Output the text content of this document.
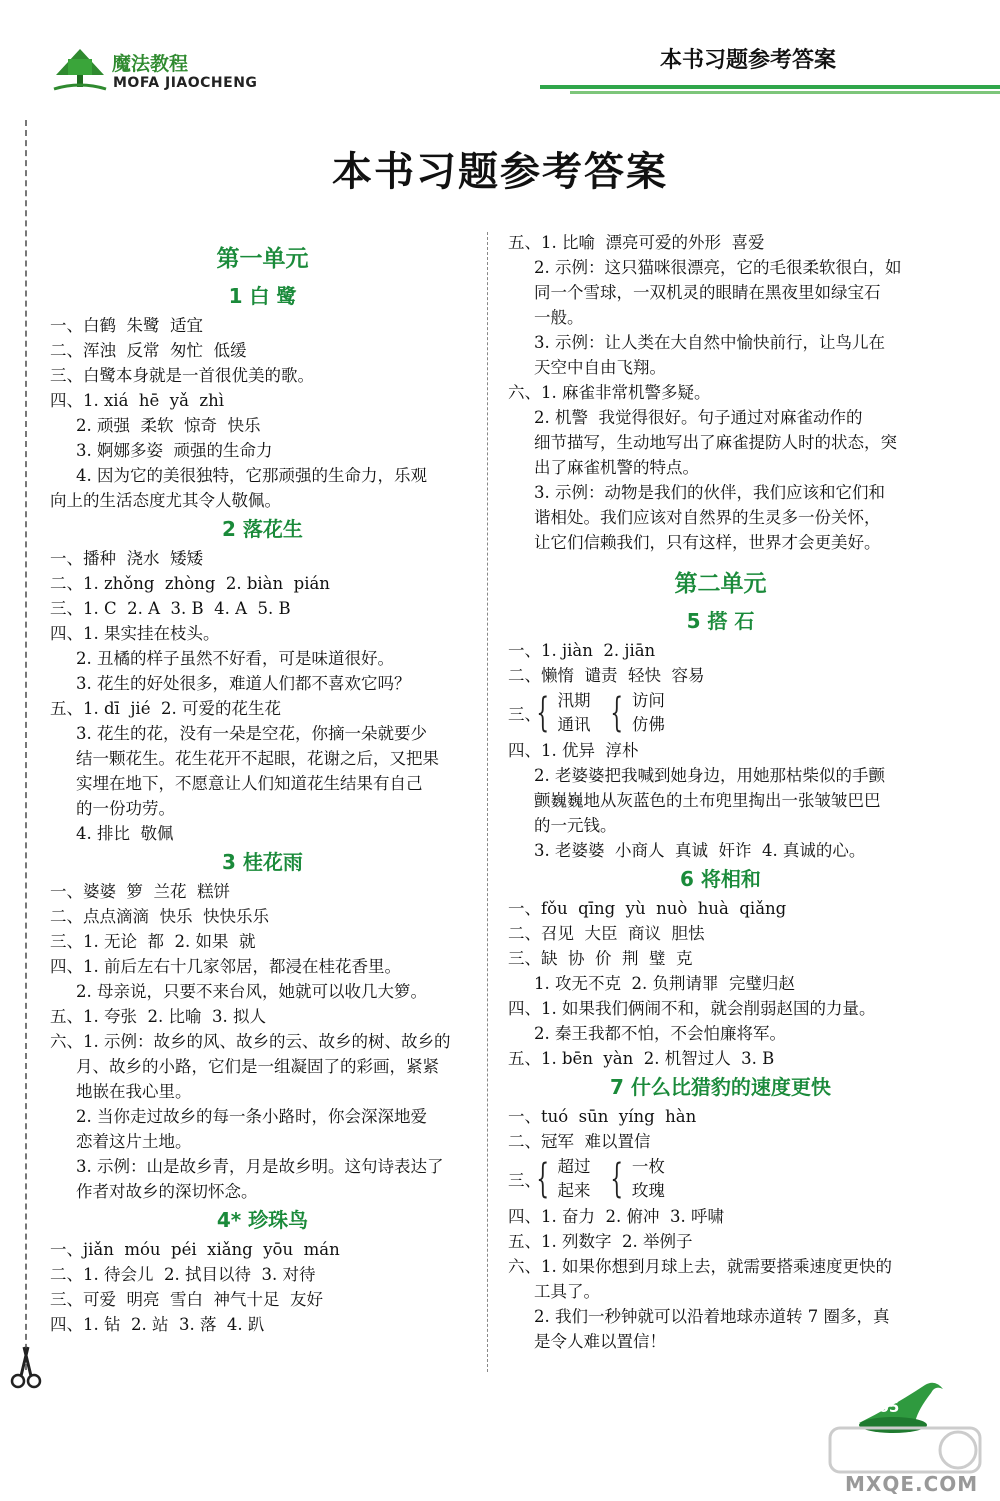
魔法教程
MOFA JIAOCHENG
本书习题参考答案
本书习题参考答案
第一单元
1 白 鹭
一、白鹤  朱鹭  适宜
二、浑浊  反常  匆忙  低缓
三、白鹭本身就是一首很优美的歌。
四、1. xiá  hē  yǎ  zhì
2. 顽强  柔软  惊奇  快乐
3. 婀娜多姿  顽强的生命力
4. 因为它的美很独特，它那顽强的生命力，乐观
向上的生活态度尤其令人敬佩。
2 落花生
一、播种  浇水  矮矮
二、1. zhǒng  zhòng  2. biàn  pián
三、1. C  2. A  3. B  4. A  5. B
四、1. 果实挂在枝头。
2. 丑橘的样子虽然不好看，可是味道很好。
3. 花生的好处很多，难道人们都不喜欢它吗？
五、1. dī  jié  2. 可爱的花生花
3. 花生的花，没有一朵是空花，你摘一朵就要少
结一颗花生。花生花开不起眼，花谢之后，又把果
实埋在地下，不愿意让人们知道花生结果有自己
的一份功劳。
4. 排比  敬佩
3 桂花雨
一、婆婆  箩  兰花  糕饼
二、点点滴滴  快乐  快快乐乐
三、1. 无论  都  2. 如果  就
四、1. 前后左右十几家邻居，都浸在桂花香里。
2. 母亲说，只要不来台风，她就可以收几大箩。
五、1. 夸张  2. 比喻  3. 拟人
六、1. 示例：故乡的风、故乡的云、故乡的树、故乡的
月、故乡的小路，它们是一组凝固了的彩画，紧紧
地嵌在我心里。
2. 当你走过故乡的每一条小路时，你会深深地爱
恋着这片土地。
3. 示例：山是故乡青，月是故乡明。这句诗表达了
作者对故乡的深切怀念。
4* 珍珠鸟
一、jiǎn  móu  péi  xiǎng  yōu  mán
二、1. 待会儿  2. 拭目以待  3. 对待
三、可爱  明亮  雪白  神气十足  友好
四、1. 钻  2. 站  3. 落  4. 趴
五、1. 比喻  漂亮可爱的外形  喜爱
2. 示例：这只猫咪很漂亮，它的毛很柔软很白，如
同一个雪球，一双机灵的眼睛在黑夜里如绿宝石
一般。
3. 示例：让人类在大自然中愉快前行，让鸟儿在
天空中自由飞翔。
六、1. 麻雀非常机警多疑。
2. 机警  我觉得很好。句子通过对麻雀动作的
细节描写，生动地写出了麻雀提防人时的状态，突
出了麻雀机警的特点。
3. 示例：动物是我们的伙伴，我们应该和它们和
谐相处。我们应该对自然界的生灵多一份关怀，
让它们信赖我们，只有这样，世界才会更美好。
第二单元
5 搭 石
一、1. jiàn  2. jiān
二、懒惰  谴责  轻快  容易
三、
{ 汛期
通讯 { 访问
仿佛
四、1. 优异  淳朴
2. 老婆婆把我喊到她身边，用她那枯柴似的手颤
颤巍巍地从灰蓝色的土布兜里掏出一张皱皱巴巴
的一元钱。
3. 老婆婆  小商人  真诚  奸诈  4. 真诚的心。
6 将相和
一、fǒu  qīng  yù  nuò  huà  qiǎng
二、召见  大臣  商议  胆怯
三、缺  协  价  荆  璧  克
1. 攻无不克  2. 负荆请罪  完璧归赵
四、1. 如果我们俩闹不和，就会削弱赵国的力量。
2. 秦王我都不怕，不会怕廉将军。
五、1. bēn  yàn  2. 机智过人  3. B
7 什么比猎豹的速度更快
一、tuó  sūn  yíng  hàn
二、冠军  难以置信
三、
{ 超过
起来 { 一枚
玫瑰
四、1. 奋力  2. 俯冲  3. 呼啸
五、1. 列数字  2. 举例子
六、1. 如果你想到月球上去，就需要搭乘速度更快的
工具了。
2. 我们一秒钟就可以沿着地球赤道转 7 圈多，真
是令人难以置信！
265
MXQE.COM
